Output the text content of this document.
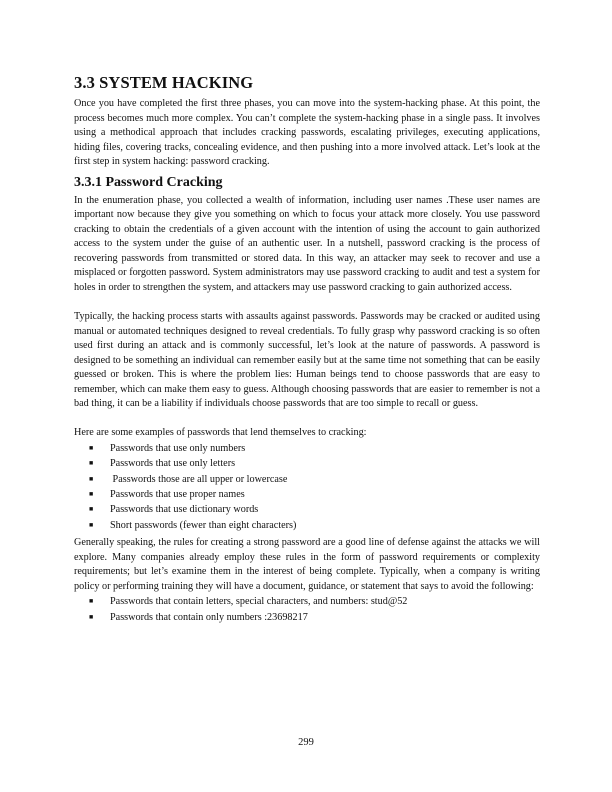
3.3 SYSTEM HACKING

Once you have completed the first three phases, you can move into the system-hacking phase. At this point, the process becomes much more complex. You can’t complete the system-hacking phase in a single pass. It involves using a methodical approach that includes cracking passwords, escalating privileges, executing applications, hiding files, covering tracks, concealing evidence, and then pushing into a more involved attack. Let’s look at the first step in system hacking: password cracking.

3.3.1 Password Cracking

In the enumeration phase, you collected a wealth of information, including user names .These user names are important now because they give you something on which to focus your attack more closely. You use password cracking to obtain the credentials of a given account with the intention of using the account to gain authorized access to the system under the guise of an authentic user. In a nutshell, password cracking is the process of recovering passwords from transmitted or stored data. In this way, an attacker may seek to recover and use a misplaced or forgotten password. System administrators may use password cracking to audit and test a system for holes in order to strengthen the system, and attackers may use password cracking to gain authorized access.

Typically, the hacking process starts with assaults against passwords. Passwords may be cracked or audited using manual or automated techniques designed to reveal credentials. To fully grasp why password cracking is so often used first during an attack and is commonly successful, let’s look at the nature of passwords. A password is designed to be something an individual can remember easily but at the same time not something that can be easily guessed or broken. This is where the problem lies: Human beings tend to choose passwords that are easy to remember, which can make them easy to guess. Although choosing passwords that are easier to remember is not a bad thing, it can be a liability if individuals choose passwords that are too simple to recall or guess.

Here are some examples of passwords that lend themselves to cracking:

■ Passwords that use only numbers
■ Passwords that use only letters
■ Passwords those are all upper or lowercase
■ Passwords that use proper names
■ Passwords that use dictionary words
■ Short passwords (fewer than eight characters)

Generally speaking, the rules for creating a strong password are a good line of defense against the attacks we will explore. Many companies already employ these rules in the form of password requirements or complexity requirements; but let’s examine them in the interest of being complete. Typically, when a company is writing policy or performing training they will have a document, guidance, or statement that says to avoid the following:

■ Passwords that contain letters, special characters, and numbers: stud@52
■ Passwords that contain only numbers :23698217
299
